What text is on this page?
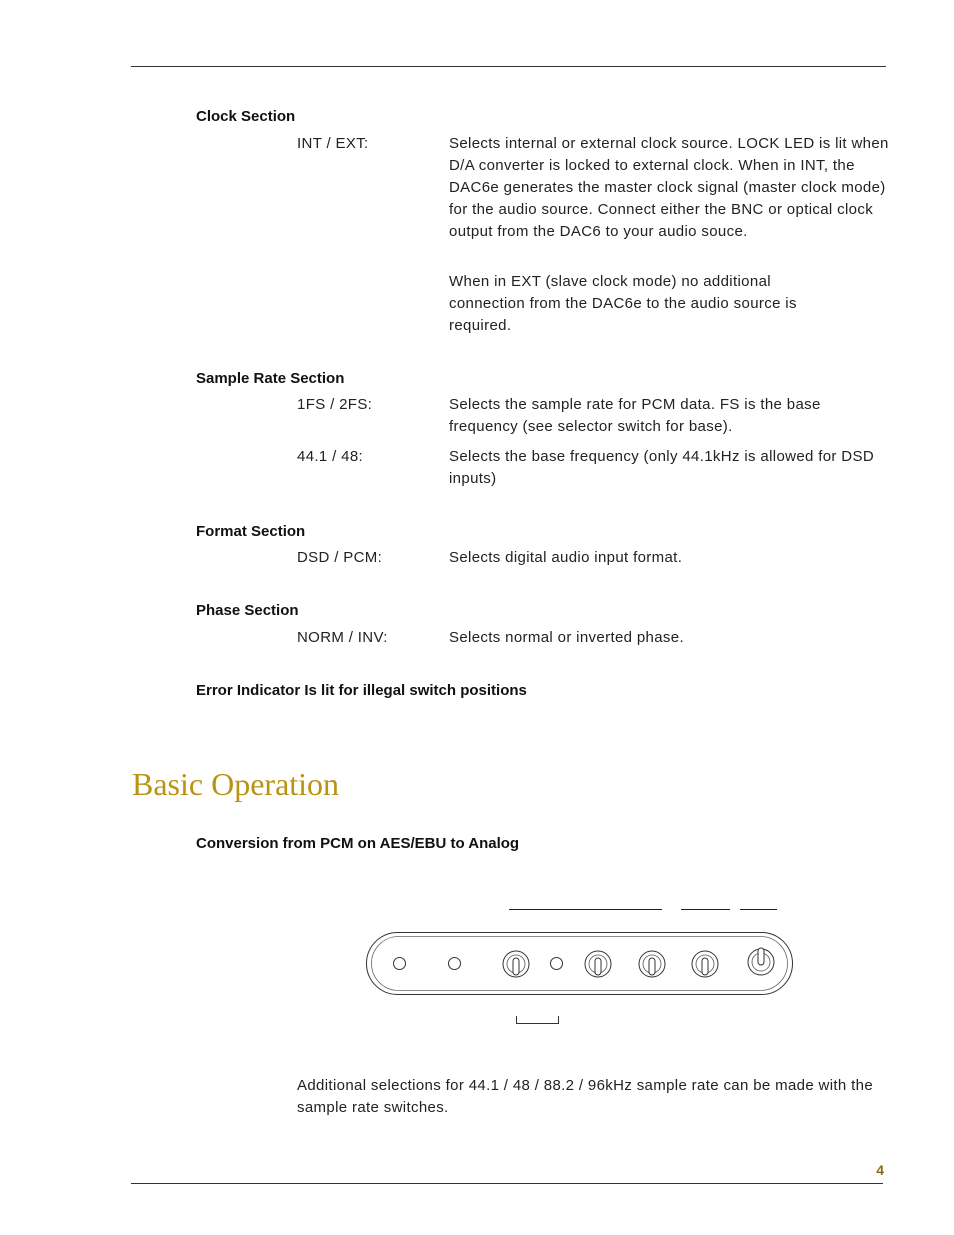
Clock Section
INT / EXT:	Selects internal or external clock source. LOCK LED is lit when D/A converter is locked to external clock. When in INT, the DAC6e generates the master clock signal (master clock mode) for the audio source. Connect either the BNC or optical clock output from the DAC6 to your audio souce.
When in EXT (slave clock mode) no additional connection from the DAC6e to the audio source is required.
Sample Rate Section
1FS / 2FS:	Selects the sample rate for PCM data. FS is the base frequency (see selector switch for base).
44.1 / 48:	Selects the base frequency (only 44.1kHz is allowed for DSD inputs)
Format Section
DSD / PCM:	Selects digital audio input format.
Phase Section
NORM / INV:	Selects normal or inverted phase.
Error Indicator Is lit for illegal switch positions
Basic Operation
Conversion from PCM on AES/EBU to Analog
Additional selections for 44.1 / 48 / 88.2 / 96kHz sample rate can be made with the sample rate switches.
4
